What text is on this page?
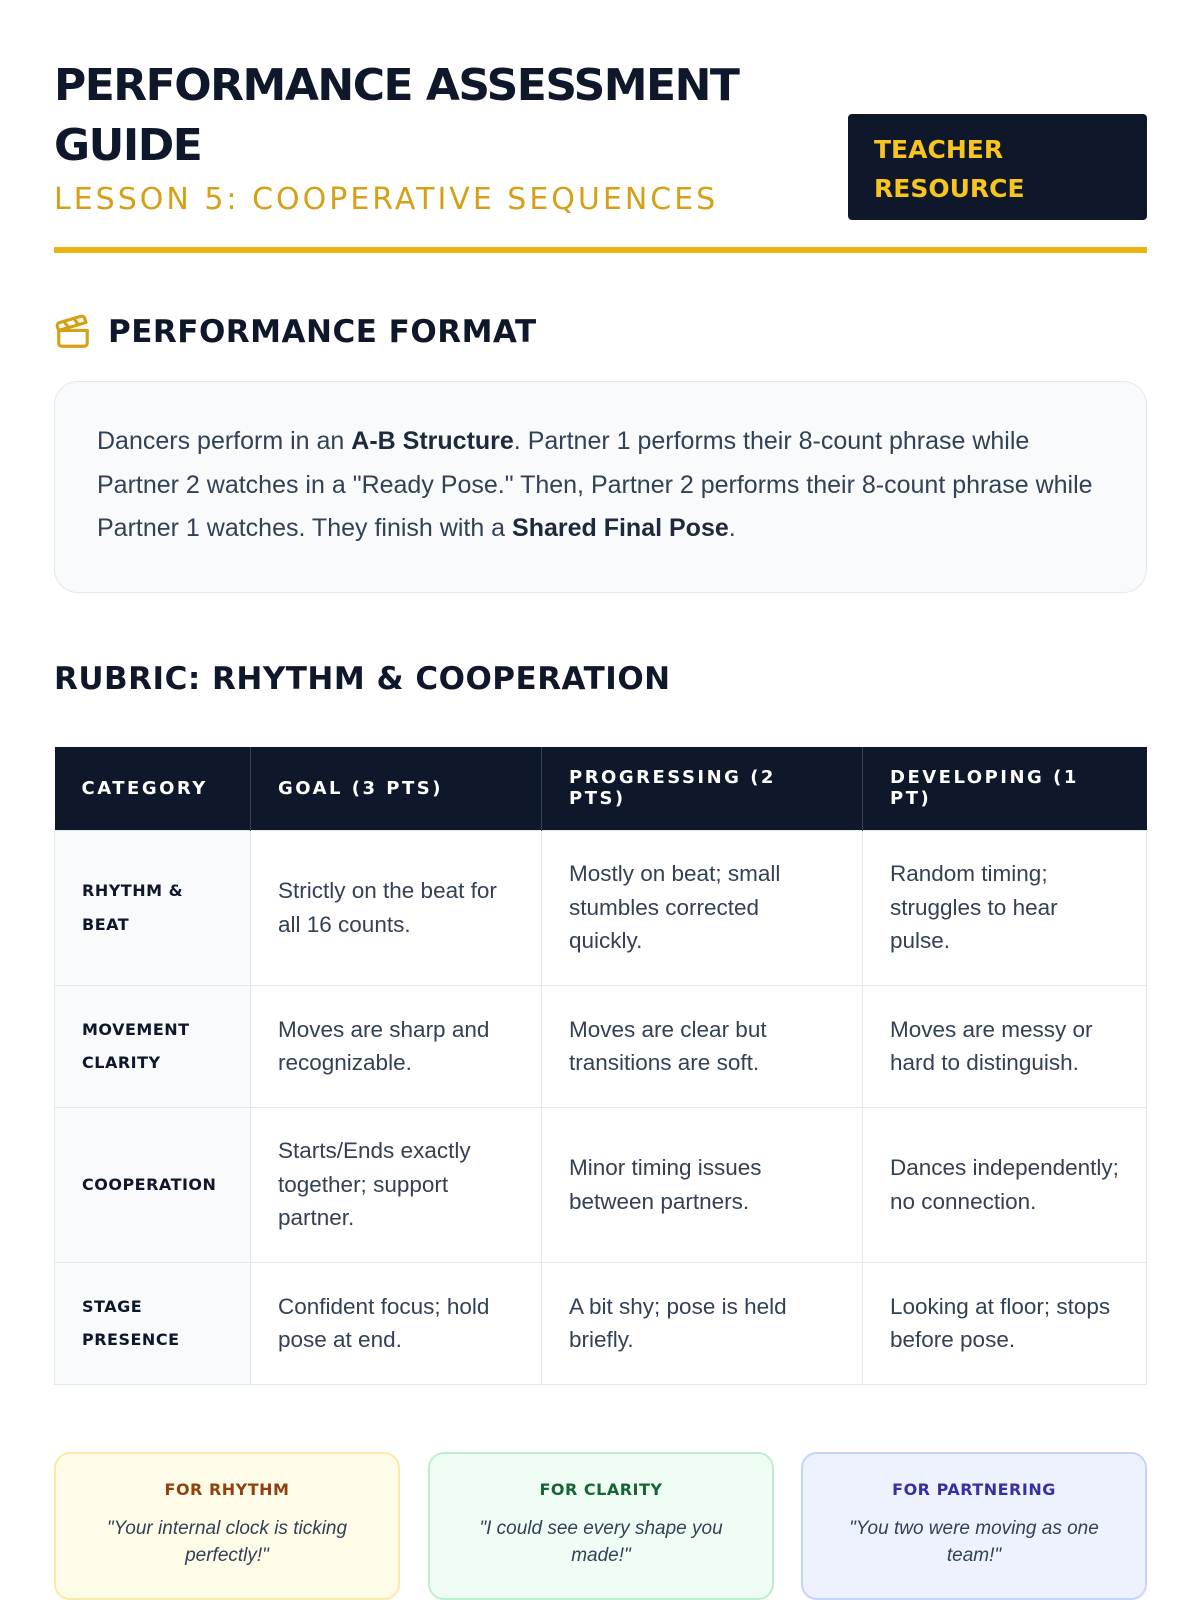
PERFORMANCE ASSESSMENT GUIDE
LESSON 5: COOPERATIVE SEQUENCES
TEACHER RESOURCE
PERFORMANCE FORMAT
Dancers perform in an A-B Structure. Partner 1 performs their 8-count phrase while Partner 2 watches in a "Ready Pose." Then, Partner 2 performs their 8-count phrase while Partner 1 watches. They finish with a Shared Final Pose.
RUBRIC: RHYTHM & COOPERATION
CATEGORY	GOAL (3 PTS)	PROGRESSING (2 PTS)	DEVELOPING (1 PT)
RHYTHM & BEAT	Strictly on the beat for all 16 counts.	Mostly on beat; small stumbles corrected quickly.	Random timing; struggles to hear pulse.
MOVEMENT CLARITY	Moves are sharp and recognizable.	Moves are clear but transitions are soft.	Moves are messy or hard to distinguish.
COOPERATION	Starts/Ends exactly together; support partner.	Minor timing issues between partners.	Dances independently; no connection.
STAGE PRESENCE	Confident focus; hold pose at end.	A bit shy; pose is held briefly.	Looking at floor; stops before pose.
FOR RHYTHM
"Your internal clock is ticking perfectly!"
FOR CLARITY
"I could see every shape you made!"
FOR PARTNERING
"You two were moving as one team!"
